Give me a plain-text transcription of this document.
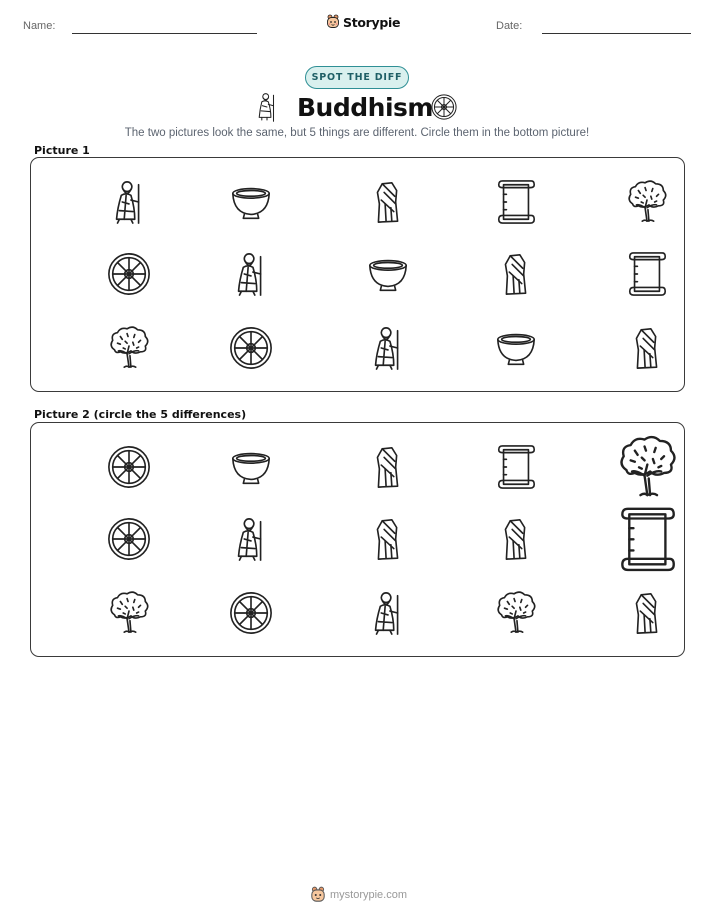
Name:	Storypie	Date:
SPOT THE DIFF
Buddhism
The two pictures look the same, but 5 things are different. Circle them in the bottom picture!
Picture 1
Picture 2 (circle the 5 differences)
mystorypie.com
